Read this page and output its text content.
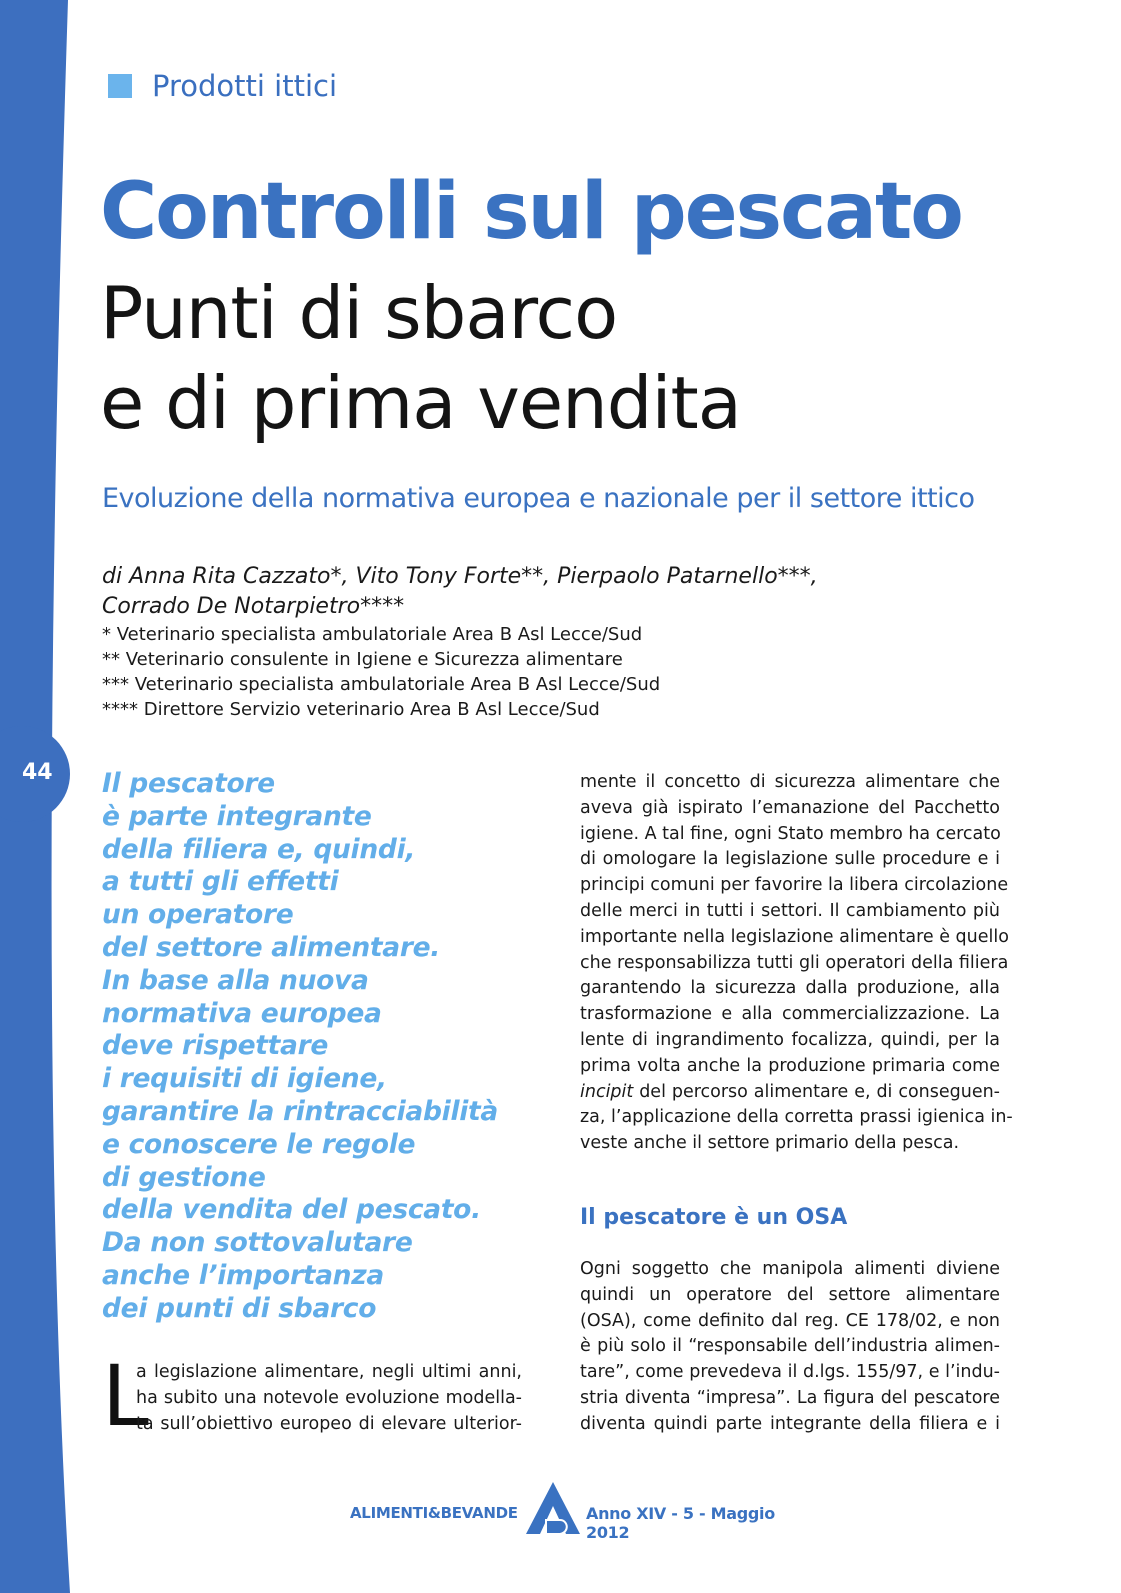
Prodotti ittici
Controlli sul pescato
Punti di sbarco
e di prima vendita
Evoluzione della normativa europea e nazionale per il settore ittico
di Anna Rita Cazzato*, Vito Tony Forte**, Pierpaolo Patarnello***,
Corrado De Notarpietro****
* Veterinario specialista ambulatoriale Area B Asl Lecce/Sud
** Veterinario consulente in Igiene e Sicurezza alimentare
*** Veterinario specialista ambulatoriale Area B Asl Lecce/Sud
**** Direttore Servizio veterinario Area B Asl Lecce/Sud
44 Il pescatore
è parte integrante
della filiera e, quindi,
a tutti gli effetti
un operatore
del settore alimentare.
In base alla nuova
normativa europea
deve rispettare
i requisiti di igiene,
garantire la rintracciabilità
e conoscere le regole
di gestione
della vendita del pescato.
Da non sottovalutare
anche l’importanza
dei punti di sbarco
L
a legislazione alimentare, negli ultimi anni,
ha subito una notevole evoluzione modella-
ta sull’obiettivo europeo di elevare ulterior-
mente il concetto di sicurezza alimentare che
aveva già ispirato l’emanazione del Pacchetto
igiene. A tal fine, ogni Stato membro ha cercato
di omologare la legislazione sulle procedure e i
principi comuni per favorire la libera circolazione
delle merci in tutti i settori. Il cambiamento più
importante nella legislazione alimentare è quello
che responsabilizza tutti gli operatori della filiera
garantendo la sicurezza dalla produzione, alla
trasformazione e alla commercializzazione. La
lente di ingrandimento focalizza, quindi, per la
prima volta anche la produzione primaria come
incipit del percorso alimentare e, di conseguen-
za, l’applicazione della corretta prassi igienica in-
veste anche il settore primario della pesca.
Il pescatore è un OSA
Ogni soggetto che manipola alimenti diviene
quindi un operatore del settore alimentare
(OSA), come definito dal reg. CE 178/02, e non
è più solo il “responsabile dell’industria alimen-
tare”, come prevedeva il d.lgs. 155/97, e l’indu-
stria diventa “impresa”. La figura del pescatore
diventa quindi parte integrante della filiera e i
ALIMENTI&BEVANDE	Anno XIV - 5 - Maggio 2012
